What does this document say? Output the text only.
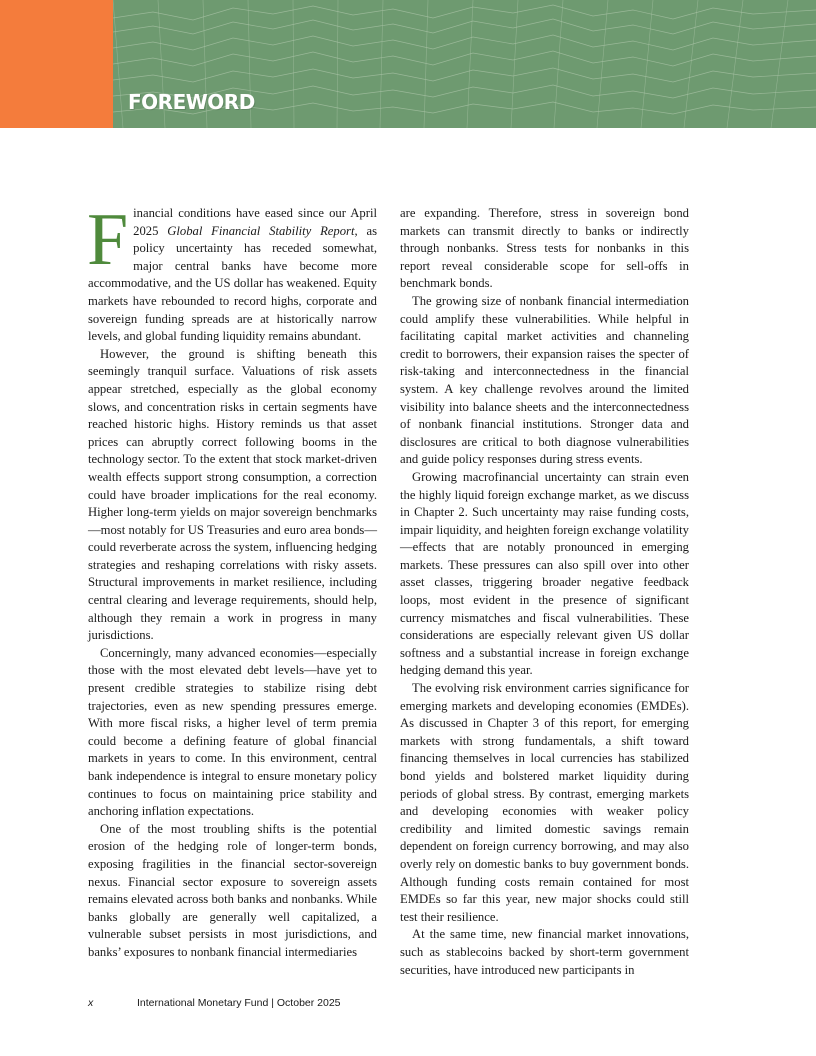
FOREWORD

Financial conditions have eased since our April 2025 Global Financial Stability Report, as policy uncertainty has receded somewhat, major central banks have become more accommodative, and the US dollar has weakened. Equity markets have rebounded to record highs, corporate and sovereign funding spreads are at historically narrow levels, and global funding liquidity remains abundant.

However, the ground is shifting beneath this seemingly tranquil surface. Valuations of risk assets appear stretched, especially as the global economy slows, and concentration risks in certain segments have reached historic highs. History reminds us that asset prices can abruptly correct following booms in the technology sector. To the extent that stock market-driven wealth effects support strong consumption, a correction could have broader implications for the real economy. Higher long-term yields on major sovereign benchmarks—most notably for US Treasuries and euro area bonds—could reverberate across the system, influencing hedging strategies and reshaping correlations with risky assets. Structural improvements in market resilience, including central clearing and leverage requirements, should help, although they remain a work in progress in many jurisdictions.

Concerningly, many advanced economies—especially those with the most elevated debt levels—have yet to present credible strategies to stabilize rising debt trajectories, even as new spending pressures emerge. With more fiscal risks, a higher level of term premia could become a defining feature of global financial markets in years to come. In this environment, central bank independence is integral to ensure monetary policy continues to focus on maintaining price stability and anchoring inflation expectations.

One of the most troubling shifts is the potential erosion of the hedging role of longer-term bonds, exposing fragilities in the financial sector-sovereign nexus. Financial sector exposure to sovereign assets remains elevated across both banks and nonbanks. While banks globally are generally well capitalized, a vulnerable subset persists in most jurisdictions, and banks’ exposures to nonbank financial intermediaries

are expanding. Therefore, stress in sovereign bond markets can transmit directly to banks or indirectly through nonbanks. Stress tests for nonbanks in this report reveal considerable scope for sell-offs in benchmark bonds.

The growing size of nonbank financial intermediation could amplify these vulnerabilities. While helpful in facilitating capital market activities and channeling credit to borrowers, their expansion raises the specter of risk-taking and interconnectedness in the financial system. A key challenge revolves around the limited visibility into balance sheets and the interconnectedness of nonbank financial institutions. Stronger data and disclosures are critical to both diagnose vulnerabilities and guide policy responses during stress events.

Growing macrofinancial uncertainty can strain even the highly liquid foreign exchange market, as we discuss in Chapter 2. Such uncertainty may raise funding costs, impair liquidity, and heighten foreign exchange volatility—effects that are notably pronounced in emerging markets. These pressures can also spill over into other asset classes, triggering broader negative feedback loops, most evident in the presence of significant currency mismatches and fiscal vulnerabilities. These considerations are especially relevant given US dollar softness and a substantial increase in foreign exchange hedging demand this year.

The evolving risk environment carries significance for emerging markets and developing economies (EMDEs). As discussed in Chapter 3 of this report, for emerging markets with strong fundamentals, a shift toward financing themselves in local currencies has stabilized bond yields and bolstered market liquidity during periods of global stress. By contrast, emerging markets and developing economies with weaker policy credibility and limited domestic savings remain dependent on foreign currency borrowing, and may also overly rely on domestic banks to buy government bonds. Although funding costs remain contained for most EMDEs so far this year, new major shocks could still test their resilience.

At the same time, new financial market innovations, such as stablecoins backed by short-term government securities, have introduced new participants in

x	International Monetary Fund | October 2025
